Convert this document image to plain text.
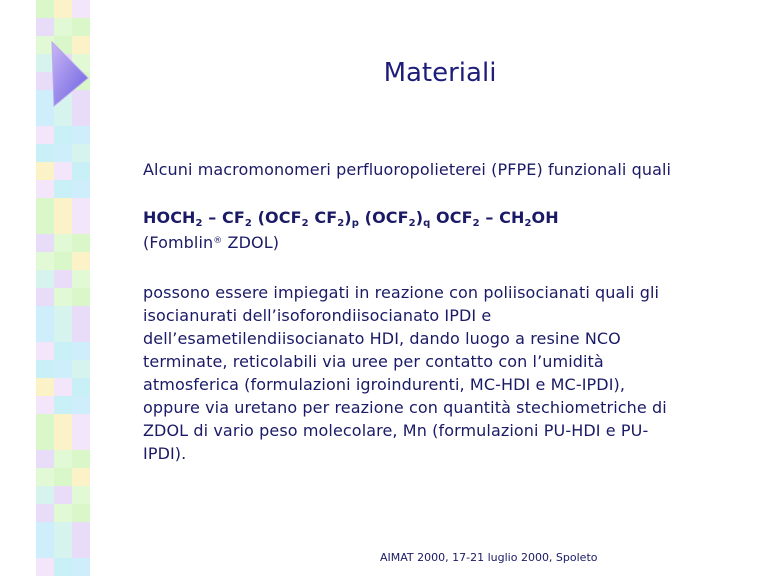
Materiali
Alcuni macromonomeri perfluoropolieterei (PFPE) funzionali quali
$HOCH_2 - CF_2$ ($OCF_2$ $CF_2)_p$ $(OCF_2)_q$ $OCF_2 - CH_2OH$
(Fomblin® ZDOL)
possono essere impiegati in reazione con poliisocianati quali gli
isocianurati dell’isoforondiisocianato IPDI e
dell’esametilendiisocianato HDI, dando luogo a resine NCO
terminate, reticolabili via uree per contatto con l’umidità
atmosferica (formulazioni igroindurenti, MC-HDI e MC-IPDI),
oppure via uretano per reazione con quantità stechiometriche di
ZDOL di vario peso molecolare, Mn (formulazioni PU-HDI e PU-
IPDI).
AIMAT 2000, 17-21 luglio 2000, Spoleto
